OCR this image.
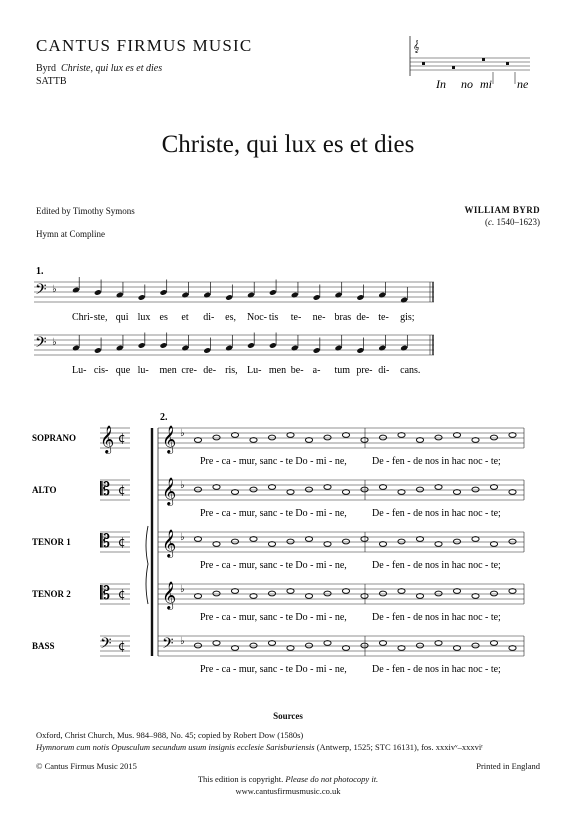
CANTUS FIRMUS MUSIC
Byrd Christe, qui lux es et dies
SATTB
𝄞
In no mi ne
Christe, qui lux es et dies
Edited by Timothy Symons
Hymn at Compline
WILLIAM BYRD
(c. 1540–1623)
1.
𝄢 ♭
Chri- ste, qui lux es et di- es, Noc- tis te- ne- bras de- te- gis;
𝄢 ♭
Lu- cis- que lu- men cre- de- ris, Lu- men be- a- tum pre- di- cans.
2.
SOPRANO 𝄞 ¢ 𝄞 ♭
Pre - ca - mur, sanc - te Do - mi - ne,	De - fen - de nos in hac noc - te;
ALTO 𝄡 ¢ 𝄞 ♭
Pre - ca - mur, sanc - te Do - mi - ne,	De - fen - de nos in hac noc - te;
TENOR 1 𝄡 ¢ 𝄞 ♭
Pre - ca - mur, sanc - te Do - mi - ne,	De - fen - de nos in hac noc - te;
TENOR 2 𝄡 ¢ 𝄞 ♭
Pre - ca - mur, sanc - te Do - mi - ne,	De - fen - de nos in hac noc - te;
BASS	𝄢 ¢ 𝄢 ♭
Pre - ca - mur, sanc - te Do - mi - ne,	De - fen - de nos in hac noc - te;
Sources
Oxford, Christ Church, Mus. 984–988, No. 45; copied by Robert Dow (1580s)
Hymnorum cum notis Opusculum secundum usum insignis ecclesie Sarisburiensis (Antwerp, 1525; STC 16131), fos. xxxivᵛ–xxxviʳ
© Cantus Firmus Music 2015	Printed in England
This edition is copyright. Please do not photocopy it.
www.cantusfirmusmusic.co.uk
